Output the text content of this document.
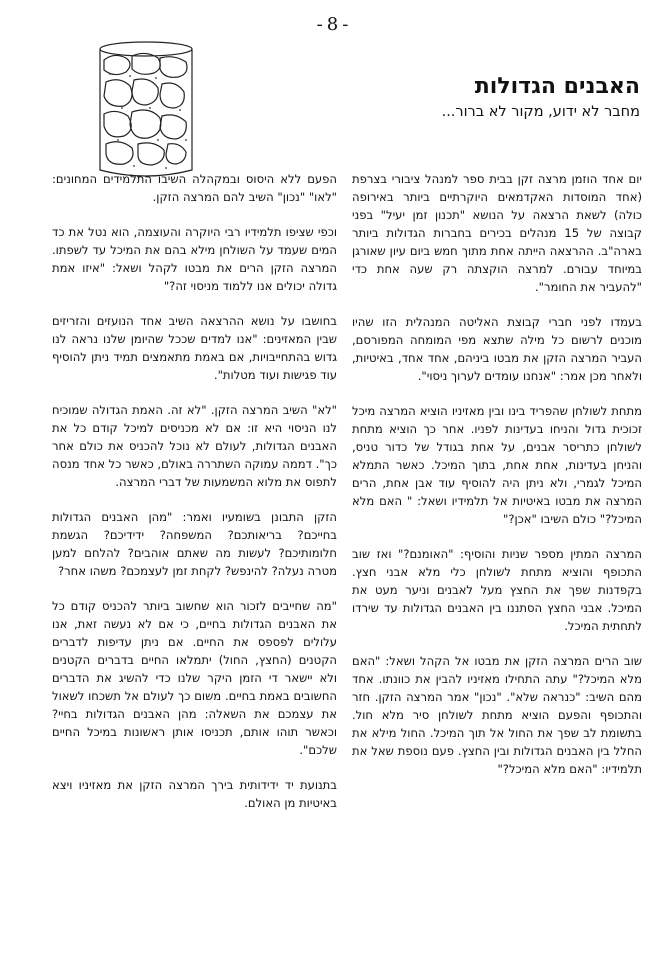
-8-
האבנים הגדולות
מחבר לא ידוע, מקור לא ברור...

יום אחד הוזמן מרצה זקן בבית ספר למנהל ציבורי בצרפת (אחד המוסדות האקדמאים היוקרתיים ביותר באירופה כולה) לשאת הרצאה על הנושא "תכנון זמן יעיל" בפני קבוצה של 15 מנהלים בכירים בחברות הגדולות ביותר בארה"ב. ההרצאה הייתה אחת מתוך חמש ביום עיון שאורגן במיוחד עבורם. למרצה הוקצתה רק שעה אחת כדי "להעביר את החומר".

בעמדו לפני חברי קבוצת האליטה המנהלית הזו שהיו מוכנים לרשום כל מילה שתצא מפי המומחה המפורסם, העביר המרצה הזקן את מבטו ביניהם, אחד אחד, באיטיות, ולאחר מכן אמר: "אנחנו עומדים לערוך ניסוי".

מתחת לשולחן שהפריד בינו ובין מאזיניו הוציא המרצה מיכל זכוכית גדול והניחו בעדינות לפניו. אחר כך הוציא מתחת לשולחן כתריסר אבנים, על אחת בגודל של כדור טניס, והניחן בעדינות, אחת אחת, בתוך המיכל. כאשר התמלא המיכל לגמרי, ולא ניתן היה להוסיף עוד אבן אחת, הרים המרצה את מבטו באיטיות אל תלמידיו ושאל: " האם מלא המיכל?" כולם השיבו "אכן?"

המרצה המתין מספר שניות והוסיף: "האומנם?" ואז שוב התכופף והוציא מתחת לשולחן כלי מלא אבני חצץ. בקפדנות שפך את החצץ מעל לאבנים וניער מעט את המיכל. אבני החצץ הסתננו בין האבנים הגדולות עד שירדו לתחתית המיכל.

שוב הרים המרצה הזקן את מבטו אל הקהל ושאל: "האם מלא המיכל?" עתה התחילו מאזיניו להבין את כוונתו. אחד מהם השיב: "כנראה שלא". "נכון" אמר המרצה הזקן. חזר והתכופף והפעם הוציא מתחת לשולחן סיר מלא חול. בתשומת לב שפך את החול אל תוך המיכל. החול מילא את החלל בין האבנים הגדולות ובין החצץ. פעם נוספת שאל את תלמידיו: "האם מלא המיכל?"

הפעם ללא היסוס ובמקהלה השיבו התלמידים המחונים: "לאו" "נכון" השיב להם המרצה הזקן.

וכפי שציפו תלמידיו רבי היוקרה והעוצמה, הוא נטל את כד המים שעמד על השולחן מילא בהם את המיכל עד לשפתו. המרצה הזקן הרים את מבטו לקהל ושאל: "איזו אמת גדולה יכולים אנו ללמוד מניסוי זה?"

בחושבו על נושא ההרצאה השיב אחד הנועזים והזריזים שבין המאזינים: "אנו למדים שככל שהיומן שלנו נראה לנו גדוש בהתחייבויות, אם באמת מתאמצים תמיד ניתן להוסיף עוד פגישות ועוד מטלות".

"לא" השיב המרצה הזקן. "לא זה. האמת הגדולה שמוכיח לנו הניסוי היא זו: אם לא מכניסים למיכל קודם כל את האבנים הגדולות, לעולם לא נוכל להכניס את כולם אחר כך". דממה עמוקה השתררה באולם, כאשר כל אחד מנסה לתפוס את מלוא המשמעות של דברי המרצה.

הזקן התבונן בשומעיו ואמר: "מהן האבנים הגדולות בחייכם? בריאותכם? המשפחה? ידידיכם? הגשמת חלומותיכם? לעשות מה שאתם אוהבים? להלחם למען מטרה נעלה? להינפש? לקחת זמן לעצמכם? משהו אחר?

"מה שחייבים לזכור הוא שחשוב ביותר להכניס קודם כל את האבנים הגדולות בחיים, כי אם לא נעשה זאת, אנו עלולים לפספס את החיים. אם ניתן עדיפות לדברים הקטנים (החצץ, החול) יתמלאו החיים בדברים הקטנים ולא יישאר די הזמן היקר שלנו כדי להשיג את הדברים החשובים באמת בחיים. משום כך לעולם אל תשכחו לשאול את עצמכם את השאלה: מהן האבנים הגדולות בחיי? וכאשר תוהו אותם, תכניסו אותן ראשונות במיכל החיים שלכם".

בתנועת יד ידידותית בירך המרצה הזקן את מאזיניו ויצא באיטיות מן האולם.
